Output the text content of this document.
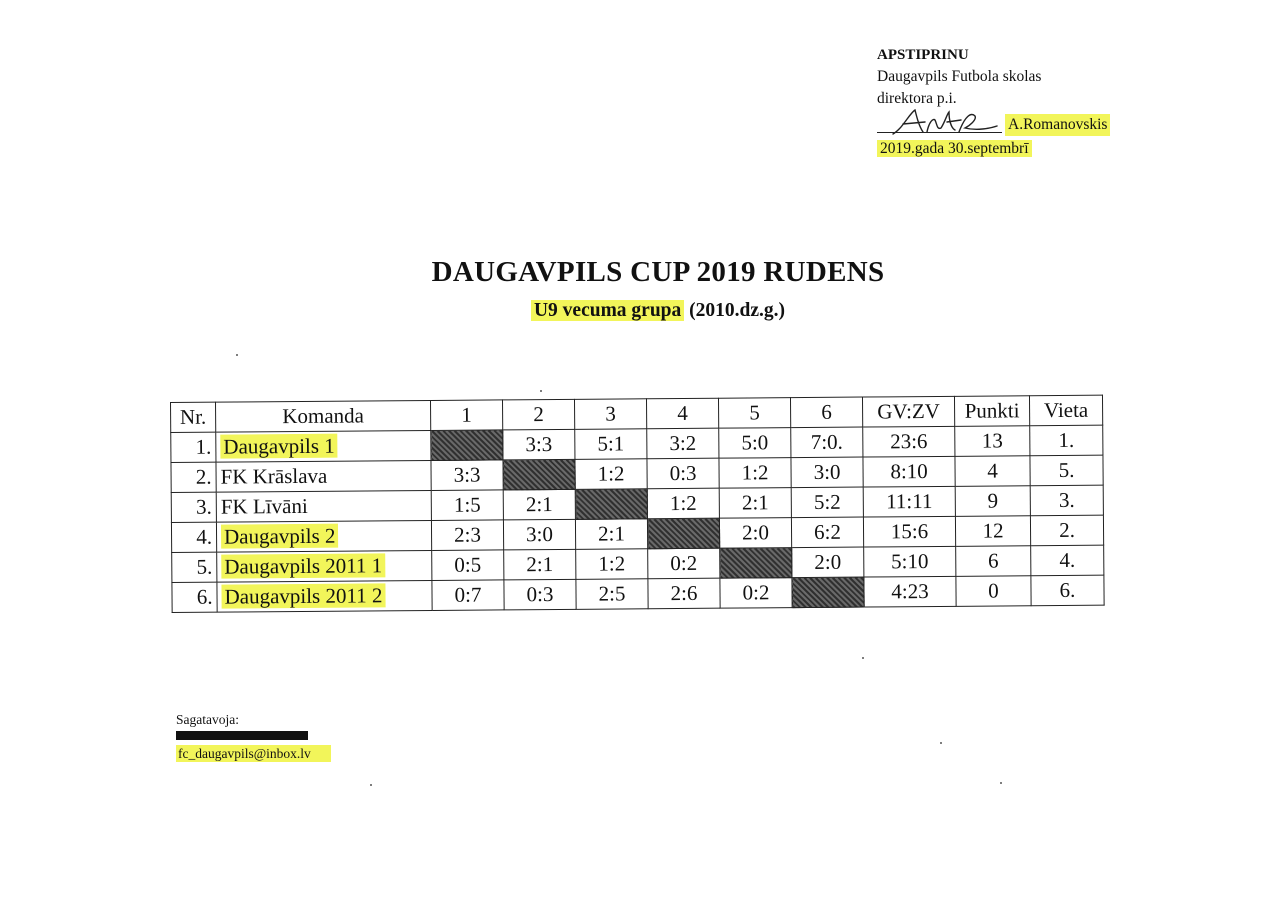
APSTIPRINU
Daugavpils Futbola skolas
direktora p.i.
A.Romanovskis
2019.gada 30.septembrī
DAUGAVPILS CUP 2019 RUDENS
U9 vecuma grupa (2010.dz.g.)
Nr.	Komanda	1	2	3	4	5	6	GV:ZV	Punkti	Vieta
1.	Daugavpils 1		3:3	5:1	3:2	5:0	7:0.	23:6	13	1.
2.	FK Krāslava	3:3		1:2	0:3	1:2	3:0	8:10	4	5.
3.	FK Līvāni	1:5	2:1		1:2	2:1	5:2	11:11	9	3.
4.	Daugavpils 2	2:3	3:0	2:1		2:0	6:2	15:6	12	2.
5.	Daugavpils 2011 1	0:5	2:1	1:2	0:2		2:0	5:10	6	4.
6.	Daugavpils 2011 2	0:7	0:3	2:5	2:6	0:2		4:23	0	6.
Sagatavoja:
fc_daugavpils@inbox.lv
